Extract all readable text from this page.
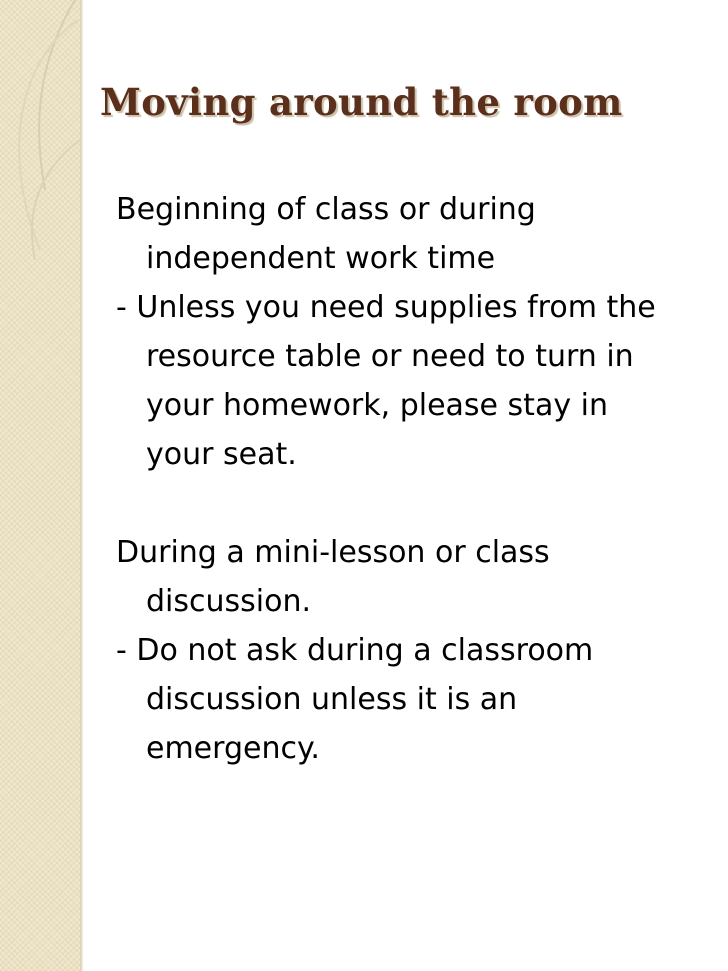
Moving around the room

Beginning of class or during independent work time

- Unless you need supplies from the resource table or need to turn in your homework, please stay in your seat.

During a mini-lesson or class discussion.

- Do not ask during a classroom discussion unless it is an emergency.
